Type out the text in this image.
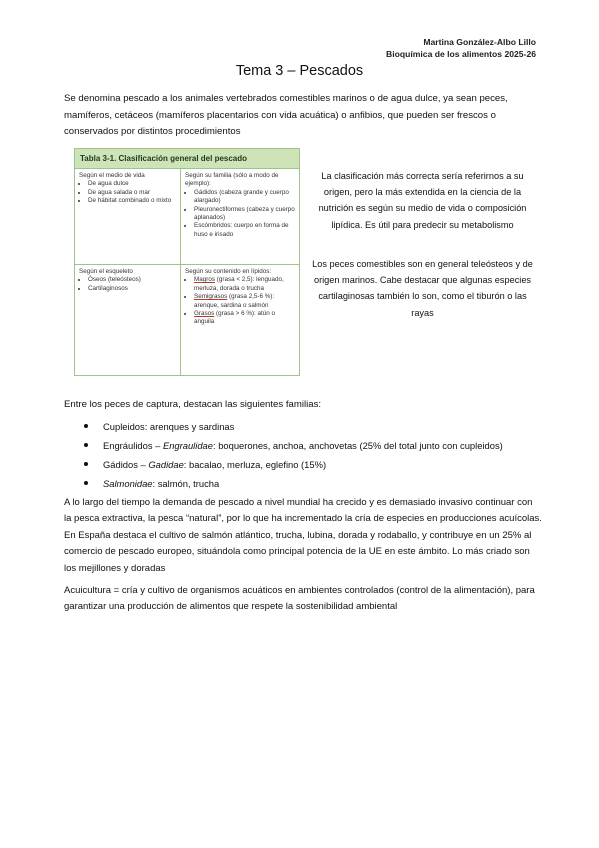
Martina González-Albo Lillo
Bioquímica de los alimentos 2025-26
Tema 3 – Pescados
Se denomina pescado a los animales vertebrados comestibles marinos o de agua dulce, ya sean peces, mamíferos, cetáceos (mamíferos placentarios con vida acuática) o anfibios, que pueden ser frescos o conservados por distintos procedimientos
Tabla 3-1. Clasificación general del pescado
Según el medio de vida
• De agua dulce
• De agua salada o mar
• De hábitat combinado o mixto
Según su familia (sólo a modo de ejemplo):
• Gádidos (cabeza grande y cuerpo alargado)
• Pleuronectiformes (cabeza y cuerpo aplanados)
• Escómbridos: cuerpo en forma de huso e irisado
Según el esqueleto
• Óseos (teleósteos)
• Cartilaginosos
Según su contenido en lípidos:
• Magros (grasa < 2,5): lenguado, merluza, dorada o trucha
• Semigrasos (grasa 2,5-6 %): arenque, sardina o salmón
• Grasos (grasa > 6 %): atún o anguila
La clasificación más correcta sería referirnos a su origen, pero la más extendida en la ciencia de la nutrición es según su medio de vida o composición lipídica. Es útil para predecir su metabolismo
Los peces comestibles son en general teleósteos y de origen marinos. Cabe destacar que algunas especies cartilaginosas también lo son, como el tiburón o las rayas
Entre los peces de captura, destacan las siguientes familias:
Cupleidos: arenques y sardinas
Engráulidos – Engraulidae: boquerones, anchoa, anchovetas (25% del total junto con cupleidos)
Gádidos – Gadidae: bacalao, merluza, eglefino (15%)
Salmonidae: salmón, trucha
A lo largo del tiempo la demanda de pescado a nivel mundial ha crecido y es demasiado invasivo continuar con la pesca extractiva, la pesca “natural”, por lo que ha incrementado la cría de especies en producciones acuícolas. En España destaca el cultivo de salmón atlántico, trucha, lubina, dorada y rodaballo, y contribuye en un 25% al comercio de pescado europeo, situándola como principal potencia de la UE en este ámbito. Lo más criado son los mejillones y doradas
Acuicultura = cría y cultivo de organismos acuáticos en ambientes controlados (control de la alimentación), para garantizar una producción de alimentos que respete la sostenibilidad ambiental
